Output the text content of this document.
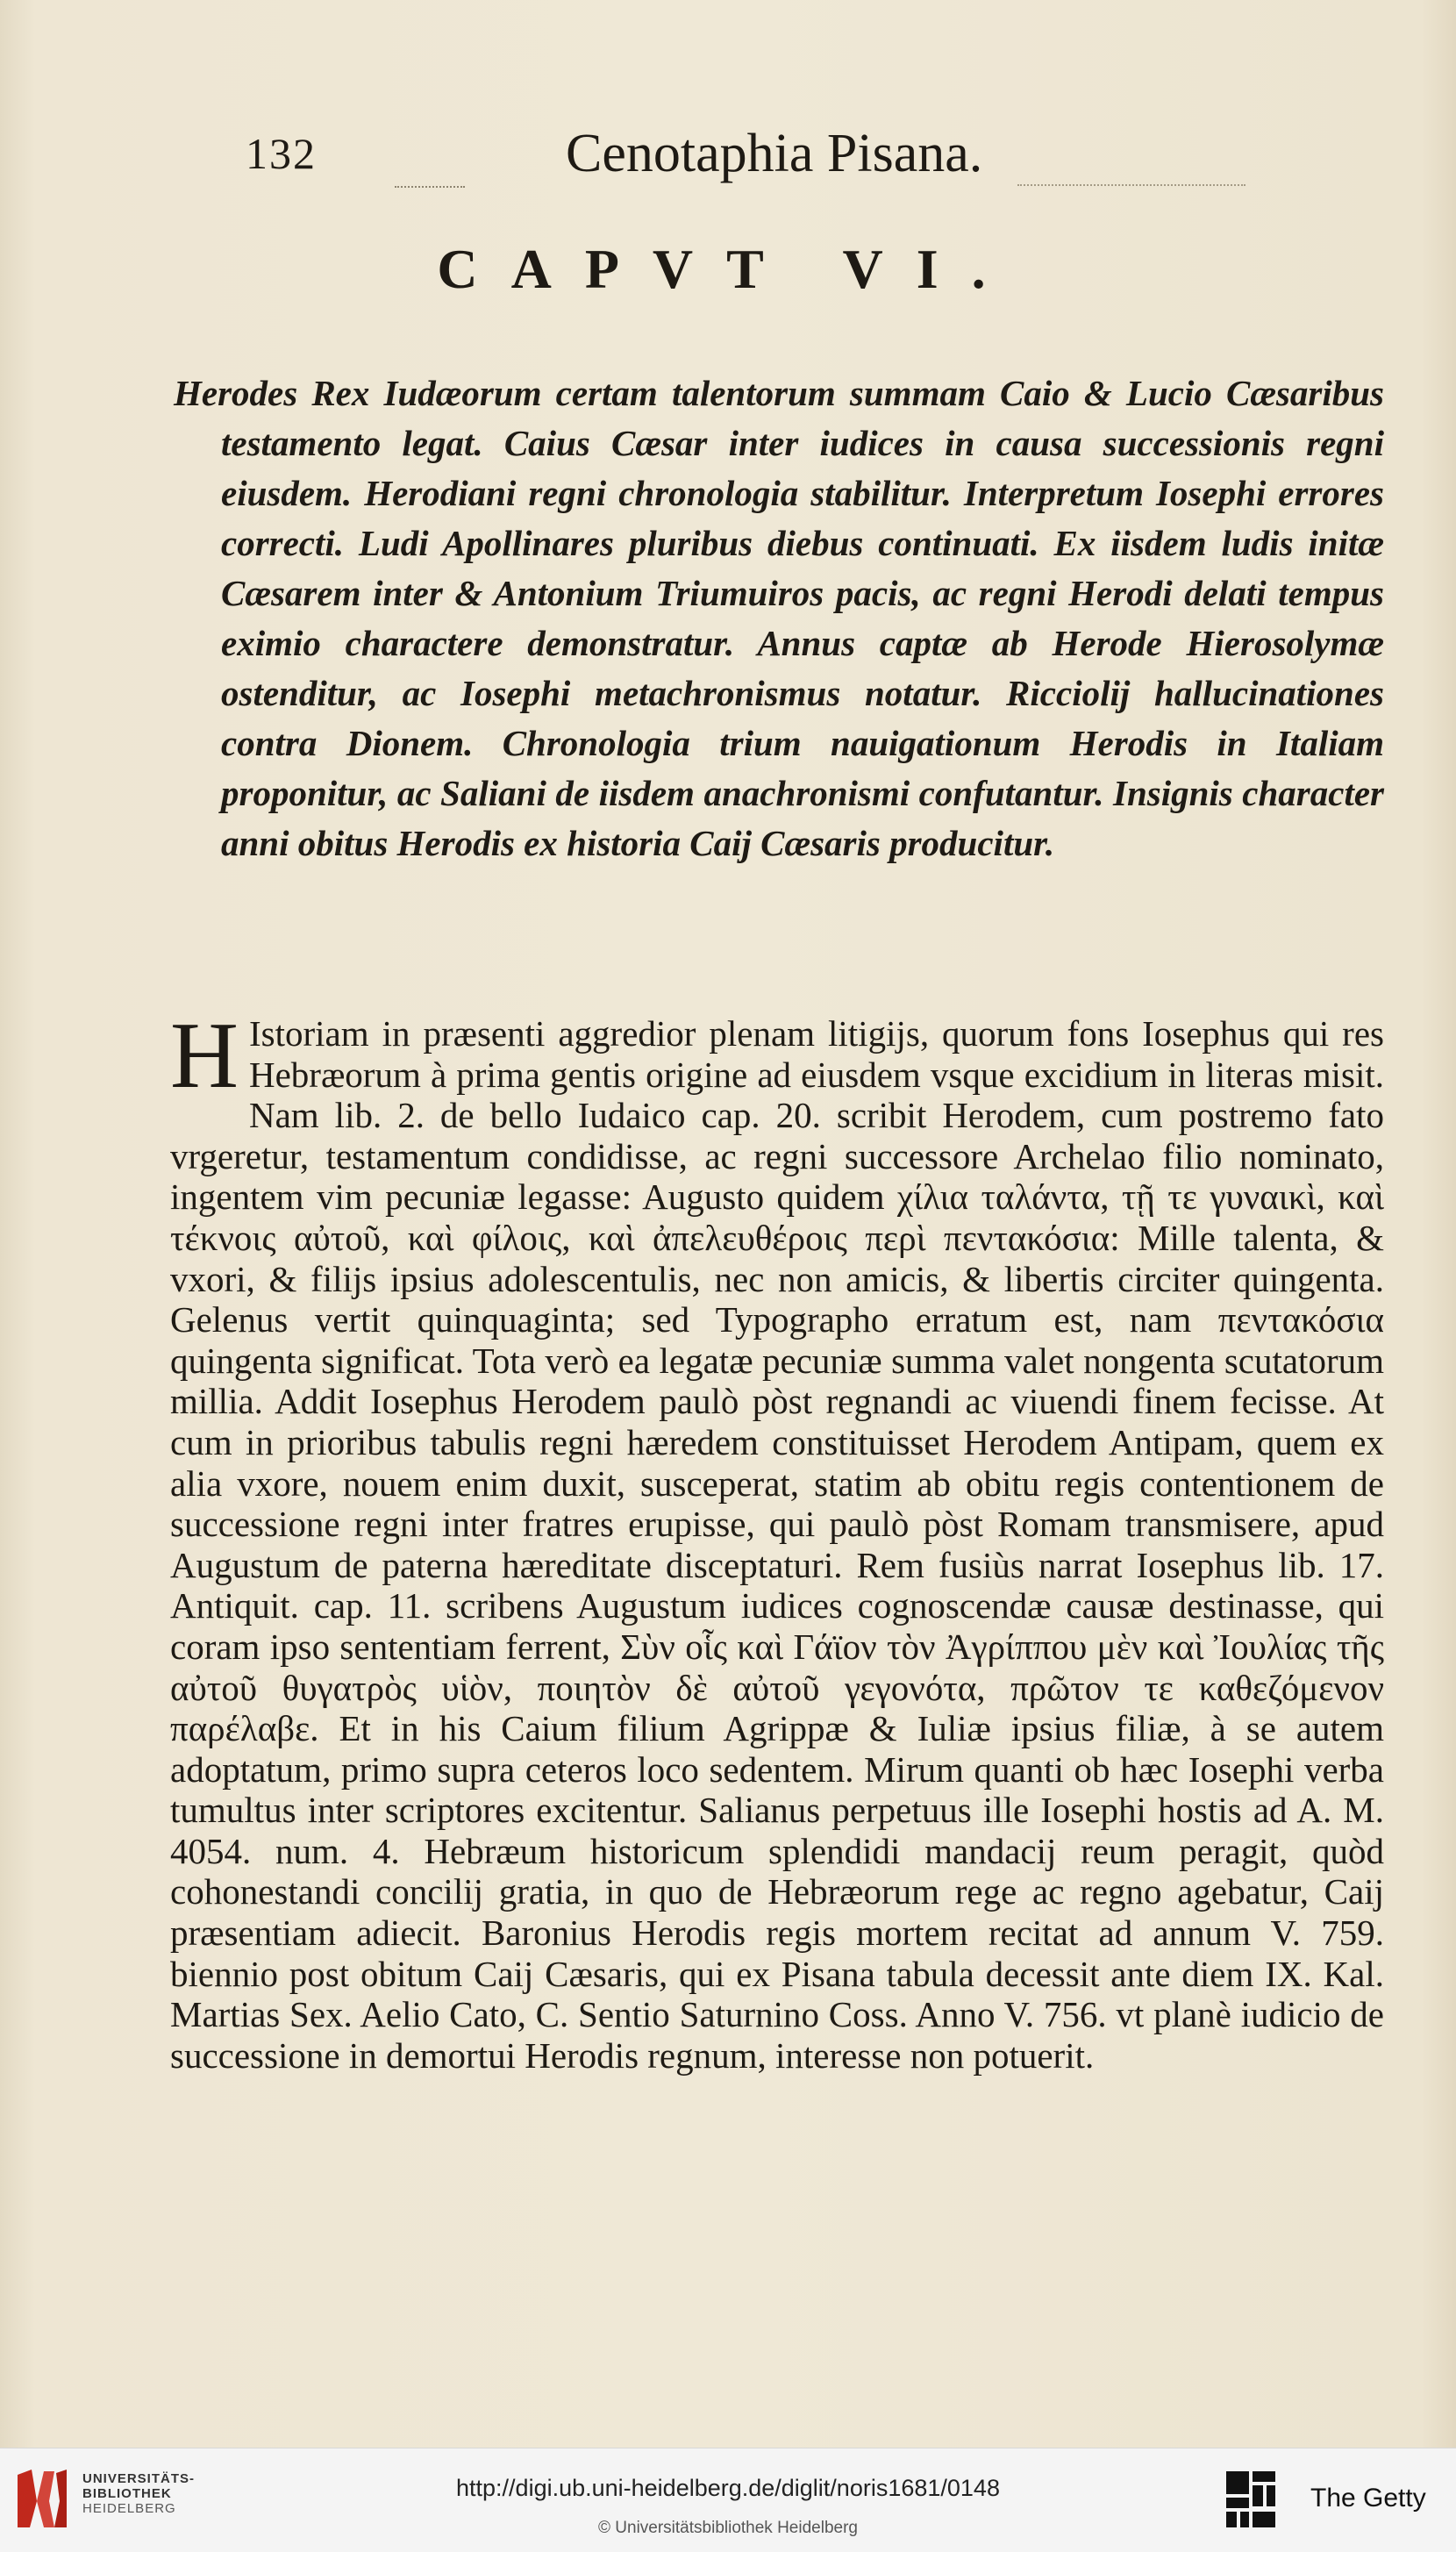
132	Cenotaphia Pisana.
CAPVT VI.
Herodes Rex Iudæorum certam talentorum summam Caio & Lucio Cæsaribus testamento legat. Caius Cæsar inter iudices in causa successionis regni eiusdem. Herodiani regni chronologia stabilitur. Interpretum Iosephi errores correcti. Ludi Apollinares pluribus diebus continuati. Ex iisdem ludis initæ Cæsarem inter & Antonium Triumuiros pacis, ac regni Herodi delati tempus eximio charactere demonstratur. Annus captæ ab Herode Hierosolymæ ostenditur, ac Iosephi metachronismus notatur. Ricciolij hallucinationes contra Dionem. Chronologia trium nauigationum Herodis in Italiam proponitur, ac Saliani de iisdem anachronismi confutantur. Insignis character anni obitus Herodis ex historia Caij Cæsaris producitur.
H Istoriam in præsenti aggredior plenam litigijs, quorum fons Iosephus qui res Hebræorum à prima gentis origine ad eiusdem vsque excidium in literas misit. Nam lib. 2. de bello Iudaico cap. 20. scribit Herodem, cum postremo fato vrgeretur, testamentum condidisse, ac regni successore Archelao filio nominato, ingentem vim pecuniæ legasse: Augusto quidem χίλια ταλάντα, τῇ τε γυναικὶ, καὶ τέκνοις αὐτοῦ, καὶ φίλοις, καὶ ἀπελευθέροις περὶ πεντακόσια: Mille talenta, & vxori, & filijs ipsius adolescentulis, nec non amicis, & libertis circiter quingenta. Gelenus vertit quinquaginta; sed Typographo erratum est, nam πεντακόσια quingenta significat. Tota verò ea legatæ pecuniæ summa valet nongenta scutatorum millia. Addit Iosephus Herodem paulò pòst regnandi ac viuendi finem fecisse. At cum in prioribus tabulis regni hæredem constituisset Herodem Antipam, quem ex alia vxore, nouem enim duxit, susceperat, statim ab obitu regis contentionem de successione regni inter fratres erupisse, qui paulò pòst Romam transmisere, apud Augustum de paterna hæreditate disceptaturi. Rem fusiùs narrat Iosephus lib. 17. Antiquit. cap. 11. scribens Augustum iudices cognoscendæ causæ destinasse, qui coram ipso sententiam ferrent, Σὺν οἷς καὶ Γάϊον τὸν Ἀγρίππου μὲν καὶ Ἰουλίας τῆς αὐτοῦ θυγατρὸς υἱὸν, ποιητὸν δὲ αὐτοῦ γεγονότα, πρῶτον τε καθεζόμενον παρέλαβε. Et in his Caium filium Agrippæ & Iuliæ ipsius filiæ, à se autem adoptatum, primo supra ceteros loco sedentem. Mirum quanti ob hæc Iosephi verba tumultus inter scriptores excitentur. Salianus perpetuus ille Iosephi hostis ad A. M. 4054. num. 4. Hebræum historicum splendidi mandacij reum peragit, quòd cohonestandi concilij gratia, in quo de Hebræorum rege ac regno agebatur, Caij præsentiam adiecit. Baronius Herodis regis mortem recitat ad annum V. 759. biennio post obitum Caij Cæsaris, qui ex Pisana tabula decessit ante diem IX. Kal. Martias Sex. Aelio Cato, C. Sentio Saturnino Coss. Anno V. 756. vt planè iudicio de successione in demortui Herodis regnum, interesse non potuerit.
UNIVERSITÄTS-
BIBLIOTHEK
HEIDELBERG
http://digi.ub.uni-heidelberg.de/diglit/noris1681/0148
© Universitätsbibliothek Heidelberg
The Getty
